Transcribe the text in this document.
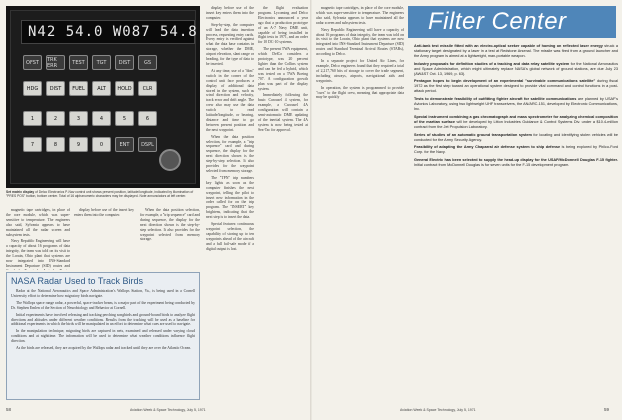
N42 54.0 W087 54.8
OFST	TRK ERR	TEST	TGT	DIST	GS
HDG	DIST	FUEL	ALT	HOLD	CLR
1	2	3	4	5	6
7	8	9	0	ENT	DSPL
Set matrix display of Delco Electronics P-Nav control unit shows present position, latitude/longitude, indicated by illumination of "PRES POS" button, bottom center. Total of 16 alphanumeric characters may be displayed. Note annunciators at left center.

magnetic tape cartridges, in place of the core module, which was super-sensitive to temperature. The engineers also said, Sylvania appears to have maintained all the radar screen and subsystem tests.

Navy Republic Engineering will have a capacity of about 16 programs of data integrity, the team was told on its visit to the Lorain, Ohio plant that systems are now integrated into INS-Standard Instrument Departure (SID) routes and

display before use of the insert key enters them into the computer.

When the data position selection, for example, a "trip sequence" card and during sequence, the display for the next direction shown is the step-by-step selection. It also provides for the waypoint selected from memory storage.

display before use of the insert key enters them into the computer.

Step-by-step, the computer will lead the data insertion process, requesting entry cards. Every entry is verified against what the data base contains in storage, whether the DME, airport elevation, slant range or heading, for the type of data to be inserted.

At any time, use of a "dim" switch in the corner of the control unit face produces a display of additional data stored in the system, such as wind direction and velocity, track error and drift angle. The crew also may use the data switch to read latitude/longitude, or bearing, distance and time to go between present position and the next waypoint.

When the data position selection, for example, a "trip sequence" card and during sequence, the display for the next direction shown is the step-by-step selection. It also provides for the waypoint selected from memory storage.

The "TPN" trip numbers key lights as soon as the computer finishes the next waypoint, telling the pilot to insert new information in the order called for on the trip program. The "INSERT" key brightens, indicating that the next step is to insert the data.

Special features: continuous waypoint selection, the capability of storing up to ten waypoints ahead of the aircraft and a full fail-safe mode if a digital output is lost.

the flight evaluation program. Lycoming and Delco Electronics announced a year ago that a production prototype of an A-7 Navy DME unit, capable of being installed in flight tests in 1971, and an order for 10 DC-10 systems.

The present TWA equipment, which DelCo considers a prototype, was 20 percent lighter than the Collins system and can be fed a hybrid, which was tested on a TWA Boeing 707. A configuration growth plan was part of the display system.

Immediately following the basic Carousel 4 system, for example, a Carousel 4A configuration will contain a semi-automatic DME updating of the inertial system. The 4A system is now being tested at Sea-Tac for approval.

magnetic tape cartridges, in place of the core module, which was super-sensitive to temperature. The engineers also said, Sylvania appears to have maintained all the radar screen and subsystem tests.

Navy Republic Engineering will have a capacity of about 16 programs of data integrity, the team was told on its visit to the Lorain, Ohio plant that systems are now integrated into INS-Standard Instrument Departure (SID) routes and Standard Terminal Arrival Routes (STARs), according to Delco.

In a separate project for United Air Lines, for example, Delco engineers found that they required a total of 2,217,760 bits of storage to cover the trade segment, including airways, airports, navigational aids and waypoints.

In operation, the system is programmed to provide "cues" to the flight crew, meaning that appropriate data may be quickly

NASA Radar Used to Track Birds

Radar at the National Aeronautics and Space Administration's Wallops Station, Va., is being used in a Cornell University effort to determine how migratory birds navigate.

The Wallops space range radar, a powerful, space-tracker beam, is a major part of the experiment being conducted by Dr. Stephen Emlen of the Section of Neurobiology and Behavior at Cornell.

Initial experiments have involved releasing and tracking perching songbirds and ground-bound birds to analyze flight directions and altitudes under different weather conditions. Results from the tracking will be used as a baseline for additional experiments in which the birds will be manipulated in an effort to determine what cues are used to navigate.

In the manipulation technique, migrating birds are captured in nets, examined and released under varying cloud conditions and at nighttime. The information will be used to determine what weather conditions influence flight direction.

As the birds are released, they are acquired by the Wallops radar and tracked until they are over the Atlantic Ocean.

Filter Center

Anti-tank test missile fitted with an electro-optical seeker capable of homing on reflected laser energy struck a stationary target designated by a laser in a test at Redstone Arsenal. The missile was fired from a ground launcher and the Army program is aimed at a lightweight, man-portable weapon.

Industry proposals for definition studies of a tracking and data relay satellite system for the National Aeronautics and Space Administration, which might ultimately replace NASA's global network of ground stations, are due July 23 (AW&ST Oct. 13, 1969, p. 63).

Pentagon hopes to begin development of an experimental "survivable communications satellite" during fiscal 1972 as the first step toward an operational system designed to provide vital command and control functions in a post-attack period.

Tests to demonstrate feasibility of outfitting fighter aircraft for satellite communications are planned by USAF's Avionics Laboratory, using two lightweight UHF transceivers, the AN/ARC-151, developed by Electronic Communications, Inc.

Special instrument combining a gas chromatograph and mass spectrometer for analyzing chemical composition of the martian surface will be developed by Litton Industries Guidance & Control Systems Div. under a $10.4-million contract from the Jet Propulsion Laboratory.

Series of studies of an automatic ground transportation system for locating and identifying stolen vehicles will be conducted for the Army Security Agency.

Feasibility of adapting the Army Chaparral air defense system to ship defense is being explored by Philco-Ford Corp. for the Navy.

General Electric has been selected to supply the head-up display for the USAF/McDonnell Douglas F-15 fighter. Initial contract from McDonnell Douglas is for seven units for the F-15 development program.

58	Aviation Week & Space Technology, July 5, 1971	Aviation Week & Space Technology, July 5, 1971	59
